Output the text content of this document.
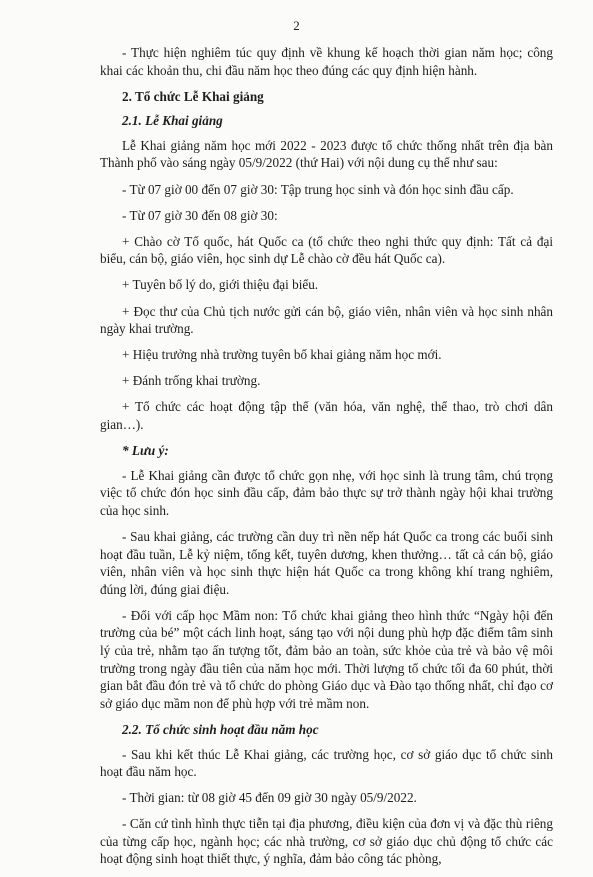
2

- Thực hiện nghiêm túc quy định về khung kế hoạch thời gian năm học; công khai các khoản thu, chi đầu năm học theo đúng các quy định hiện hành.

2. Tổ chức Lễ Khai giảng

2.1. Lễ Khai giảng

Lễ Khai giảng năm học mới 2022 - 2023 được tổ chức thống nhất trên địa bàn Thành phố vào sáng ngày 05/9/2022 (thứ Hai) với nội dung cụ thể như sau:

- Từ 07 giờ 00 đến 07 giờ 30: Tập trung học sinh và đón học sinh đầu cấp.

- Từ 07 giờ 30 đến 08 giờ 30:

+ Chào cờ Tổ quốc, hát Quốc ca (tổ chức theo nghi thức quy định: Tất cả đại biểu, cán bộ, giáo viên, học sinh dự Lễ chào cờ đều hát Quốc ca).

+ Tuyên bố lý do, giới thiệu đại biểu.

+ Đọc thư của Chủ tịch nước gửi cán bộ, giáo viên, nhân viên và học sinh nhân ngày khai trường.

+ Hiệu trưởng nhà trường tuyên bố khai giảng năm học mới.

+ Đánh trống khai trường.

+ Tổ chức các hoạt động tập thể (văn hóa, văn nghệ, thể thao, trò chơi dân gian…).

* Lưu ý:

- Lễ Khai giảng cần được tổ chức gọn nhẹ, với học sinh là trung tâm, chú trọng việc tổ chức đón học sinh đầu cấp, đảm bảo thực sự trở thành ngày hội khai trường của học sinh.

- Sau khai giảng, các trường cần duy trì nền nếp hát Quốc ca trong các buổi sinh hoạt đầu tuần, Lễ kỷ niệm, tổng kết, tuyên dương, khen thưởng… tất cả cán bộ, giáo viên, nhân viên và học sinh thực hiện hát Quốc ca trong không khí trang nghiêm, đúng lời, đúng giai điệu.

- Đối với cấp học Mầm non: Tổ chức khai giảng theo hình thức “Ngày hội đến trường của bé” một cách linh hoạt, sáng tạo với nội dung phù hợp đặc điểm tâm sinh lý của trẻ, nhằm tạo ấn tượng tốt, đảm bảo an toàn, sức khỏe của trẻ và bảo vệ môi trường trong ngày đầu tiên của năm học mới. Thời lượng tổ chức tối đa 60 phút, thời gian bắt đầu đón trẻ và tổ chức do phòng Giáo dục và Đào tạo thống nhất, chỉ đạo cơ sở giáo dục mầm non để phù hợp với trẻ mầm non.

2.2. Tổ chức sinh hoạt đầu năm học

- Sau khi kết thúc Lễ Khai giảng, các trường học, cơ sở giáo dục tổ chức sinh hoạt đầu năm học.

- Thời gian: từ 08 giờ 45 đến 09 giờ 30 ngày 05/9/2022.

- Căn cứ tình hình thực tiễn tại địa phương, điều kiện của đơn vị và đặc thù riêng của từng cấp học, ngành học; các nhà trường, cơ sở giáo dục chủ động tổ chức các hoạt động sinh hoạt thiết thực, ý nghĩa, đảm bảo công tác phòng,
